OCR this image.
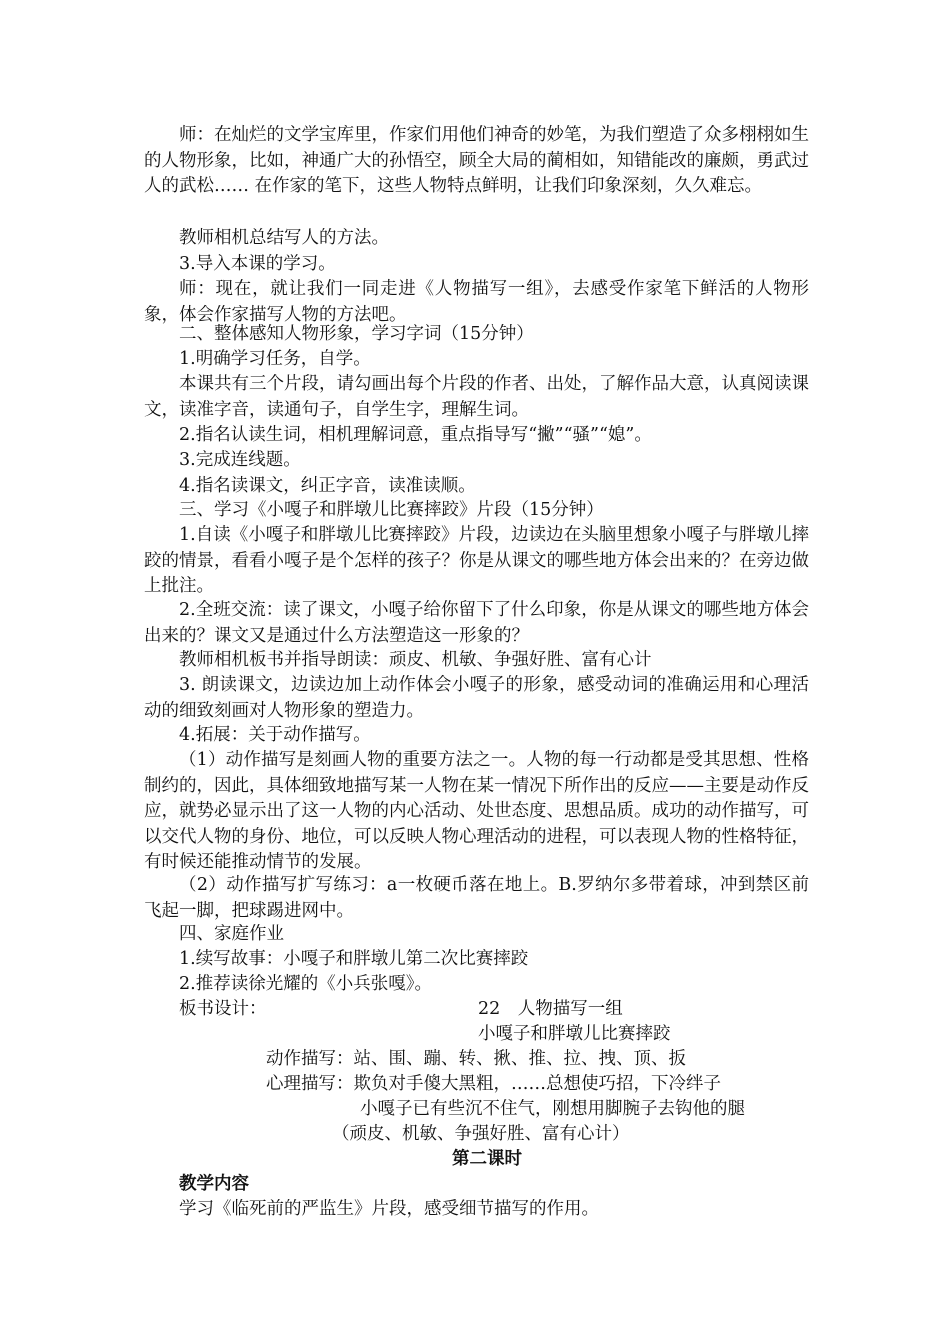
师：在灿烂的文学宝库里，作家们用他们神奇的妙笔，为我们塑造了众多栩栩如生的人物形象，比如，神通广大的孙悟空，顾全大局的蔺相如，知错能改的廉颇，勇武过人的武松…… 在作家的笔下，这些人物特点鲜明，让我们印象深刻，久久难忘。

教师相机总结写人的方法。

3.导入本课的学习。

师：现在，就让我们一同走进《人物描写一组》，去感受作家笔下鲜活的人物形象，体会作家描写人物的方法吧。

二、整体感知人物形象，学习字词（15分钟）

1.明确学习任务，自学。

本课共有三个片段，请勾画出每个片段的作者、出处，了解作品大意，认真阅读课文，读准字音，读通句子，自学生字，理解生词。

2.指名认读生词，相机理解词意，重点指导写“撇”“骚”“媳”。

3.完成连线题。

4.指名读课文，纠正字音，读准读顺。

三、学习《小嘎子和胖墩儿比赛摔跤》片段（15分钟）

1.自读《小嘎子和胖墩儿比赛摔跤》片段，边读边在头脑里想象小嘎子与胖墩儿摔跤的情景，看看小嘎子是个怎样的孩子？你是从课文的哪些地方体会出来的？在旁边做上批注。

2.全班交流：读了课文，小嘎子给你留下了什么印象，你是从课文的哪些地方体会出来的？课文又是通过什么方法塑造这一形象的？

教师相机板书并指导朗读：顽皮、机敏、争强好胜、富有心计

3. 朗读课文，边读边加上动作体会小嘎子的形象，感受动词的准确运用和心理活动的细致刻画对人物形象的塑造力。

4.拓展：关于动作描写。

（1）动作描写是刻画人物的重要方法之一。人物的每一行动都是受其思想、性格制约的，因此，具体细致地描写某一人物在某一情况下所作出的反应——主要是动作反应，就势必显示出了这一人物的内心活动、处世态度、思想品质。成功的动作描写，可以交代人物的身份、地位，可以反映人物心理活动的进程，可以表现人物的性格特征，有时候还能推动情节的发展。

（2）动作描写扩写练习：a一枚硬币落在地上。B.罗纳尔多带着球，冲到禁区前飞起一脚，把球踢进网中。

四、家庭作业

1.续写故事：小嘎子和胖墩儿第二次比赛摔跤

2.推荐读徐光耀的《小兵张嘎》。

板书设计：	22　人物描写一组
小嘎子和胖墩儿比赛摔跤
动作描写：站、围、蹦、转、揪、推、拉、拽、顶、扳
心理描写：欺负对手傻大黑粗，……总想使巧招，下冷绊子
小嘎子已有些沉不住气，刚想用脚腕子去钩他的腿
（顽皮、机敏、争强好胜、富有心计）
第二课时
教学内容
学习《临死前的严监生》片段，感受细节描写的作用。
